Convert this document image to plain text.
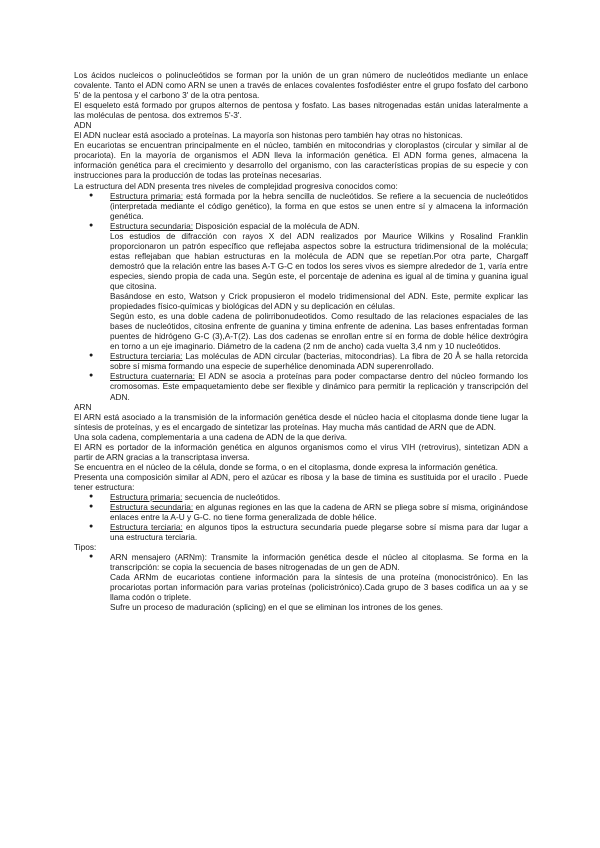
Los ácidos nucleicos o polinucleótidos se forman por la unión de un gran número de nucleótidos mediante un enlace covalente. Tanto el ADN como ARN se unen a través de enlaces covalentes fosfodiéster entre el grupo fosfato del carbono 5' de la pentosa y el carbono 3' de la otra pentosa.

El esqueleto está formado por grupos alternos de pentosa y fosfato. Las bases nitrogenadas están unidas lateralmente a las moléculas de pentosa. dos extremos 5'-3'.

ADN

El ADN nuclear está asociado a proteínas. La mayoría son histonas pero también hay otras no histonicas.

En eucariotas se encuentran principalmente en el núcleo, también en mitocondrias y cloroplastos (circular y similar al de procariota). En la mayoría de organismos el ADN lleva la información genética. El ADN forma genes, almacena la información genética para el crecimiento y desarrollo del organismo, con las características propias de su especie y con instrucciones para la producción de todas las proteínas necesarias.

La estructura del ADN presenta tres niveles de complejidad progresiva conocidos como:

● Estructura primaria: está formada por la hebra sencilla de nucleótidos. Se refiere a la secuencia de nucleótidos (interpretada mediante el código genético), la forma en que estos se unen entre sí y almacena la información genética.
● Estructura secundaria: Disposición espacial de la molécula de ADN.

Los estudios de difracción con rayos X del ADN realizados por Maurice Wilkins y Rosalind Franklin proporcionaron un patrón específico que reflejaba aspectos sobre la estructura tridimensional de la molécula; estas reflejaban que habian estructuras en la molécula de ADN que se repetían.Por otra parte, Chargaff demostró que la relación entre las bases A-T G-C en todos los seres vivos es siempre alrededor de 1, varía entre especies, siendo propia de cada una. Según este, el porcentaje de adenina es igual al de timina y guanina igual que citosina.

Basándose en esto, Watson y Crick propusieron el modelo tridimensional del ADN. Este, permite explicar las propiedades físico-químicas y biológicas del ADN y su deplicación en células.

Según esto, es una doble cadena de polirribonudeotidos. Como resultado de las relaciones espaciales de las bases de nucleótidos, citosina enfrente de guanina y timina enfrente de adenina. Las bases enfrentadas forman puentes de hidrógeno G-C (3),A-T(2). Las dos cadenas se enrollan entre sí en forma de doble hélice dextrógira en torno a un eje imaginario. Diámetro de la cadena (2 nm de ancho) cada vuelta 3,4 nm y 10 nucleótidos.

● Estructura terciaria: Las moléculas de ADN circular (bacterias, mitocondrias). La fibra de 20 Å se halla retorcida sobre sí misma formando una especie de superhélice denominada ADN superenrollado.
● Estructura cuaternaria: El ADN se asocia a proteínas para poder compactarse dentro del núcleo formando los cromosomas. Este empaquetamiento debe ser flexible y dinámico para permitir la replicación y transcripción del ADN.

ARN

El ARN está asociado a la transmisión de la información genética desde el núcleo hacia el citoplasma donde tiene lugar la síntesis de proteínas, y es el encargado de sintetizar las proteínas. Hay mucha más cantidad de ARN que de ADN.

Una sola cadena, complementaria a una cadena de ADN de la que deriva.

El ARN es portador de la información genética en algunos organismos como el virus VIH (retrovirus), sintetizan ADN a partir de ARN gracias a la transcriptasa inversa.

Se encuentra en el núcleo de la célula, donde se forma, o en el citoplasma, donde expresa la información genética.

Presenta una composición similar al ADN, pero el azúcar es ribosa y la base de timina es sustituida por el uracilo . Puede tener estructura:

● Estructura primaria: secuencia de nucleótidos.
● Estructura secundaria: en algunas regiones en las que la cadena de ARN se pliega sobre sí misma, originándose enlaces entre la A-U y G-C. no tiene forma generalizada de doble hélice.
● Estructura terciaria: en algunos tipos la estructura secundaria puede plegarse sobre sí misma para dar lugar a una estructura terciaria.

Tipos:

● ARN mensajero (ARNm): Transmite la información genética desde el núcleo al citoplasma. Se forma en la transcripción: se copia la secuencia de bases nitrogenadas de un gen de ADN.

Cada ARNm de eucariotas contiene información para la síntesis de una proteína (monocistrónico). En las procariotas portan información para varias proteínas (policistrónico).Cada grupo de 3 bases codifica un aa y se llama codón o triplete.

Sufre un proceso de maduración (splicing) en el que se eliminan los intrones de los genes.
